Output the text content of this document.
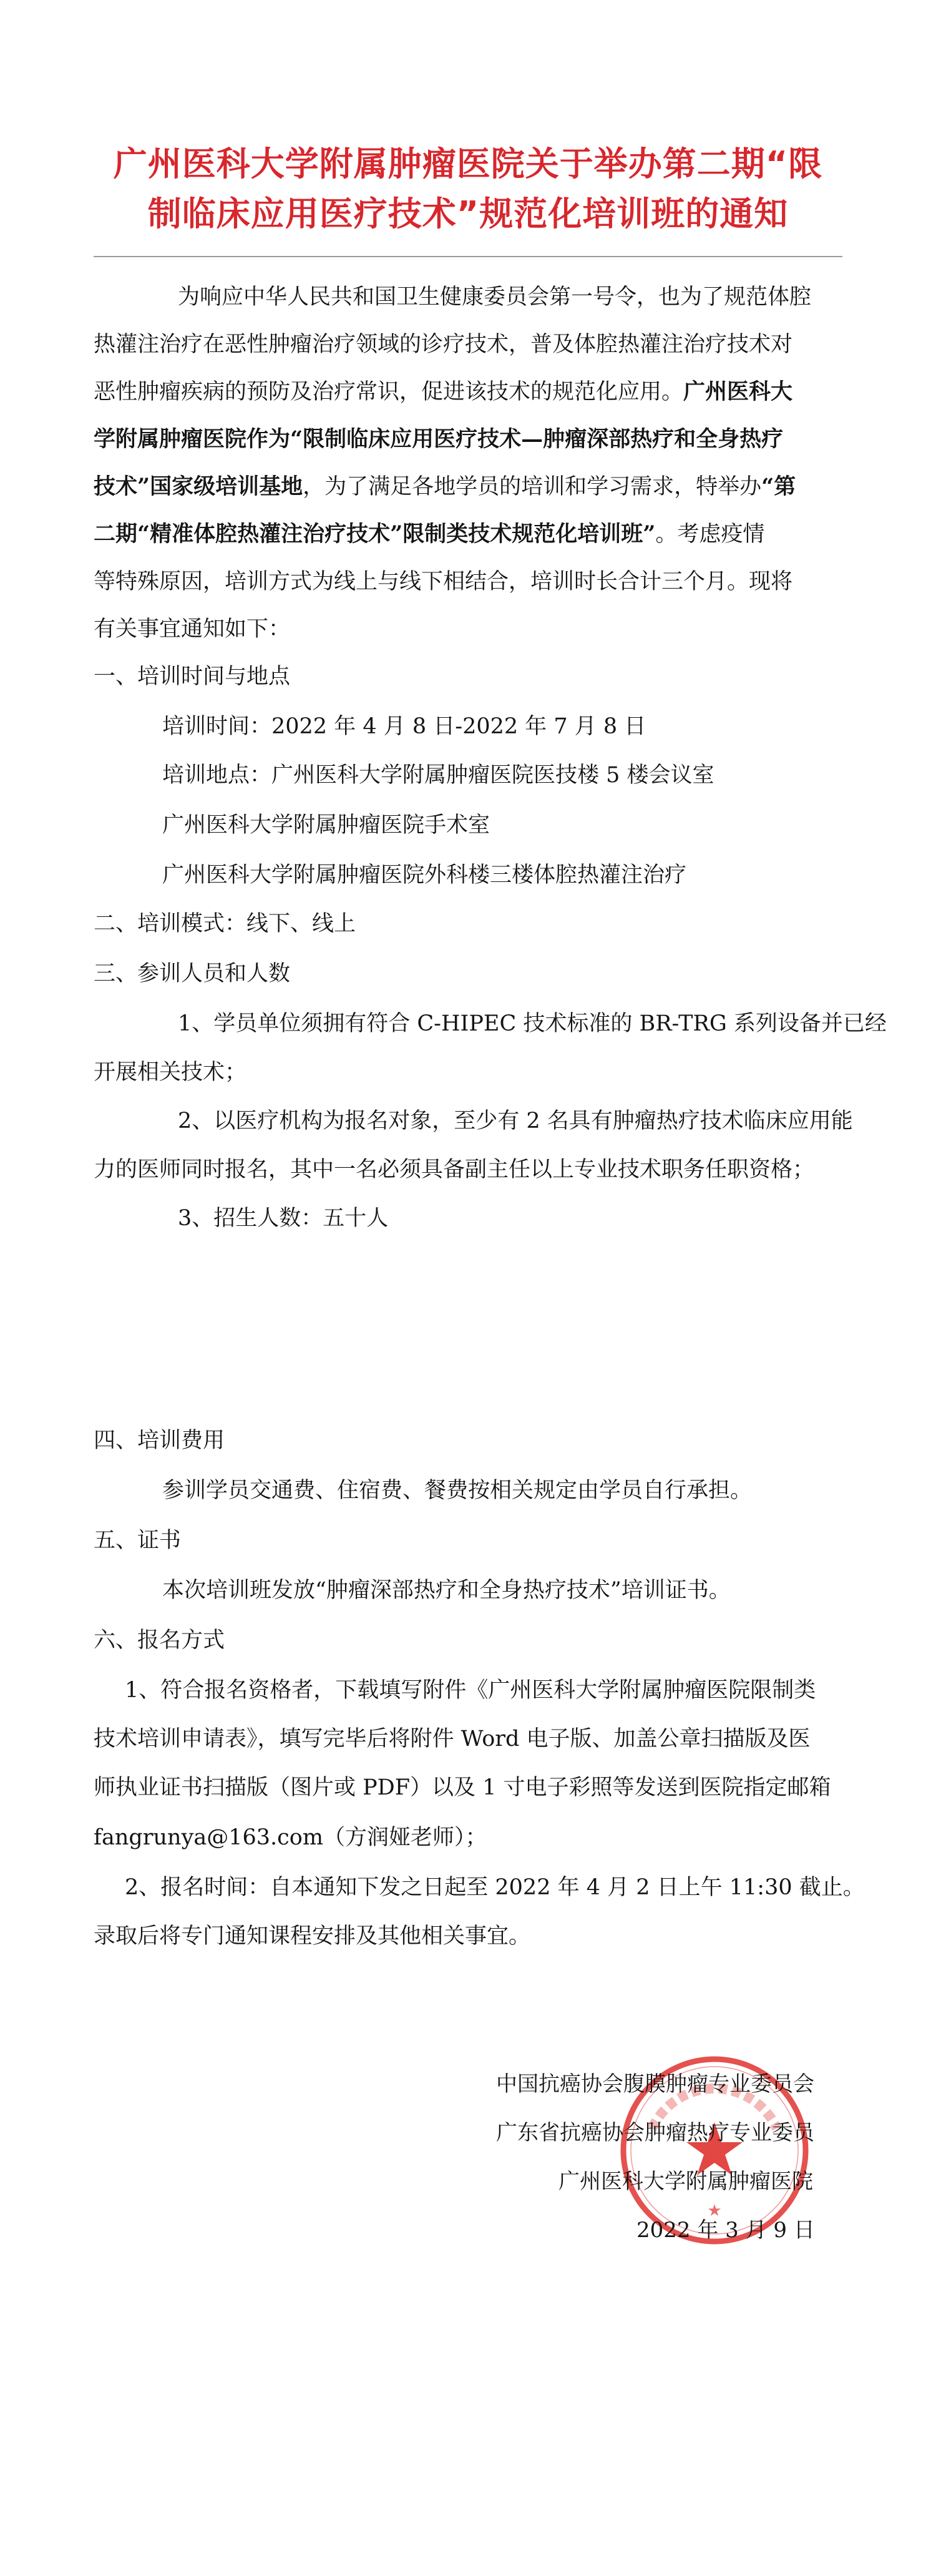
广州医科大学附属肿瘤医院关于举办第二期“限
制临床应用医疗技术”规范化培训班的通知
为响应中华人民共和国卫生健康委员会第一号令，也为了规范体腔
热灌注治疗在恶性肿瘤治疗领域的诊疗技术，普及体腔热灌注治疗技术对
恶性肿瘤疾病的预防及治疗常识，促进该技术的规范化应用。广州医科大
学附属肿瘤医院作为“限制临床应用医疗技术—肿瘤深部热疗和全身热疗
技术”国家级培训基地，为了满足各地学员的培训和学习需求，特举办“第
二期“精准体腔热灌注治疗技术”限制类技术规范化培训班”。考虑疫情
等特殊原因，培训方式为线上与线下相结合，培训时长合计三个月。现将
有关事宜通知如下：
一、培训时间与地点
培训时间：2022 年 4 月 8 日-2022 年 7 月 8 日
培训地点：广州医科大学附属肿瘤医院医技楼 5 楼会议室
广州医科大学附属肿瘤医院手术室
广州医科大学附属肿瘤医院外科楼三楼体腔热灌注治疗
二、培训模式：线下、线上
三、参训人员和人数
1、学员单位须拥有符合 C-HIPEC 技术标准的 BR-TRG 系列设备并已经
开展相关技术；
2、以医疗机构为报名对象，至少有 2 名具有肿瘤热疗技术临床应用能
力的医师同时报名，其中一名必须具备副主任以上专业技术职务任职资格；
3、招生人数：五十人
四、培训费用
参训学员交通费、住宿费、餐费按相关规定由学员自行承担。
五、证书
本次培训班发放“肿瘤深部热疗和全身热疗技术”培训证书。
六、报名方式
1、符合报名资格者，下载填写附件《广州医科大学附属肿瘤医院限制类
技术培训申请表》，填写完毕后将附件 Word 电子版、加盖公章扫描版及医
师执业证书扫描版（图片或 PDF）以及 1 寸电子彩照等发送到医院指定邮箱
fangrunya@163.com（方润娅老师）；
2、报名时间：自本通知下发之日起至 2022 年 4 月 2 日上午 11:30 截止。
录取后将专门通知课程安排及其他相关事宜。
★
中国抗癌协会腹膜肿瘤专业委员会
广东省抗癌协会肿瘤热疗专业委员
广州医科大学附属肿瘤医院
2022 年 3 月 9 日
